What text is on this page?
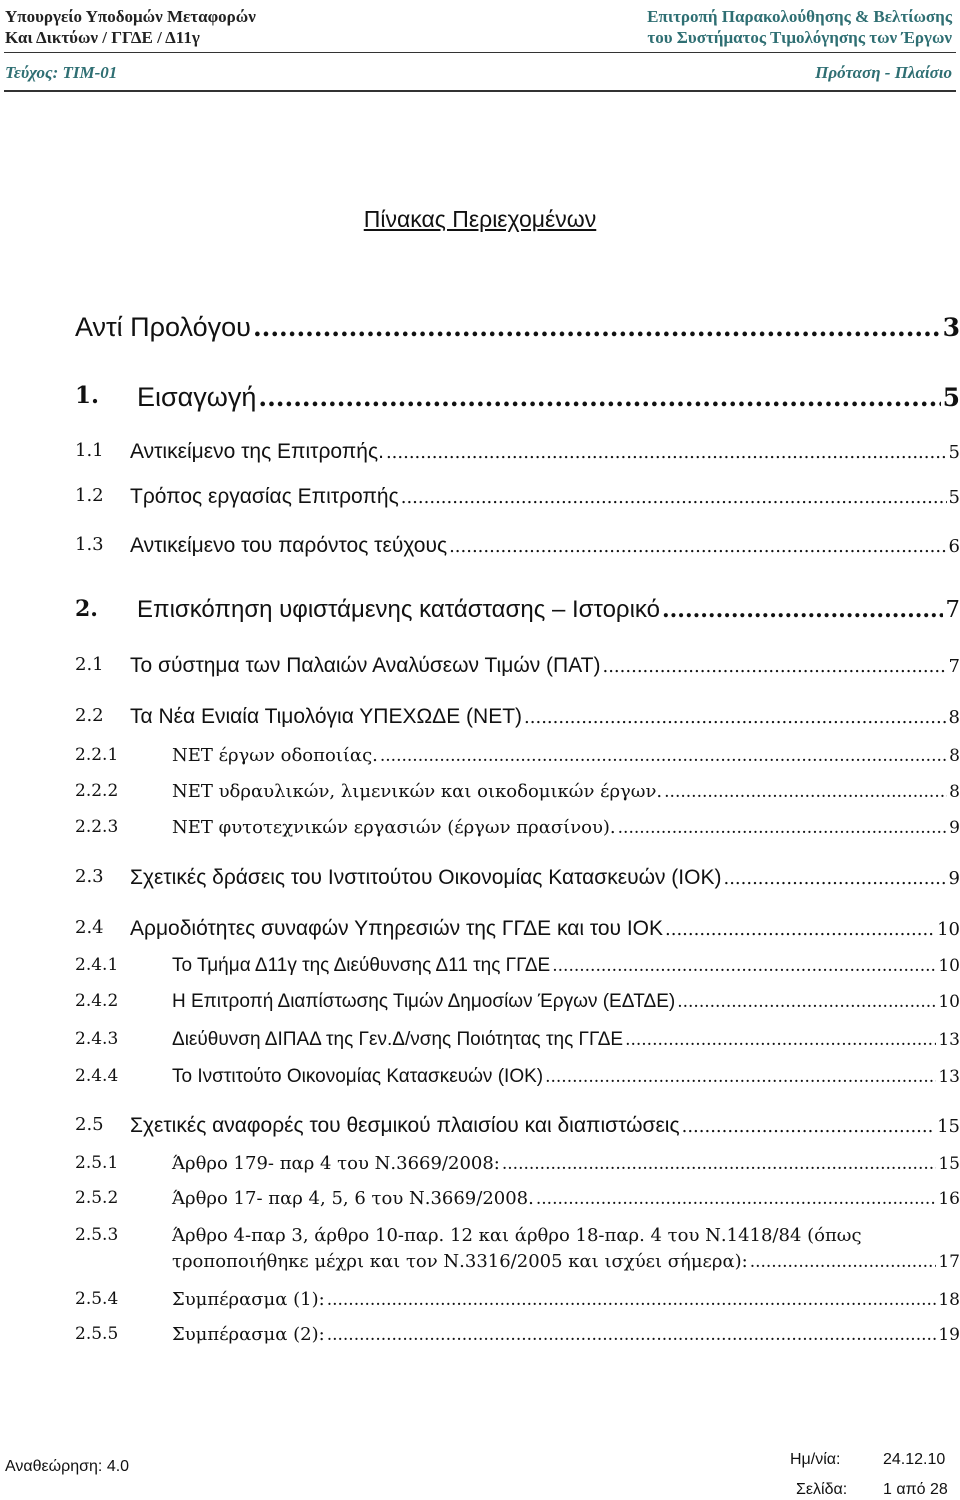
Υπουργείο Υποδομών Μεταφορών
Και Δικτύων / ΓΓΔΕ / Δ11γ
Επιτροπή Παρακολούθησης & Βελτίωσης
του Συστήματος Τιμολόγησης των Έργων
Τεύχος: ΤΙΜ-01	Πρόταση - Πλαίσιο
Πίνακας Περιεχομένων
Αντί Προλόγου .....	3
1. Εισαγωγή .....	5
1.1 Αντικείμενο της Επιτροπής. .....	5
1.2 Τρόπος εργασίας Επιτροπής .....	5
1.3 Αντικείμενο του παρόντος τεύχους .....	6
2. Επισκόπηση υφιστάμενης κατάστασης – Ιστορικό .....	7
2.1 Το σύστημα των Παλαιών Αναλύσεων Τιμών (ΠΑΤ) .....	7
2.2 Τα Νέα Ενιαία Τιμολόγια ΥΠΕΧΩΔΕ (ΝΕΤ) .....	8
2.2.1	ΝΕΤ έργων οδοποιίας. .....	8
2.2.2	ΝΕΤ υδραυλικών, λιμενικών και οικοδομικών έργων. .....	8
2.2.3	ΝΕΤ φυτοτεχνικών εργασιών (έργων πρασίνου). .....	9
2.3 Σχετικές δράσεις του Ινστιτούτου Οικονομίας Κατασκευών (ΙΟΚ) .....	9
2.4 Αρμοδιότητες συναφών Υπηρεσιών της ΓΓΔΕ και του ΙΟΚ .....	10
2.4.1	Το Τμήμα Δ11γ της Διεύθυνσης Δ11 της ΓΓΔΕ .....	10
2.4.2	Η Επιτροπή Διαπίστωσης Τιμών Δημοσίων Έργων (ΕΔΤΔΕ) .....	10
2.4.3	Διεύθυνση ΔΙΠΑΔ της Γεν.Δ/νσης Ποιότητας της ΓΓΔΕ .....	13
2.4.4	Το Ινστιτούτο Οικονομίας Κατασκευών (ΙΟΚ) .....	13
2.5 Σχετικές αναφορές του θεσμικού πλαισίου και διαπιστώσεις .....	15
2.5.1	Άρθρο 179- παρ 4 του Ν.3669/2008: .....	15
2.5.2	Άρθρο 17- παρ 4, 5, 6 του Ν.3669/2008. .....	16
2.5.3	Άρθρο 4-παρ 3, άρθρο 10-παρ. 12 και άρθρο 18-παρ. 4 του Ν.1418/84 (όπως
τροποποιήθηκε μέχρι και τον Ν.3316/2005 και ισχύει σήμερα): .....	17
2.5.4	Συμπέρασμα (1): .....	18
2.5.5	Συμπέρασμα (2): .....	19
Αναθεώρηση: 4.0	Ημ/νία:	24.12.10
Σελίδα: 1 από 28
